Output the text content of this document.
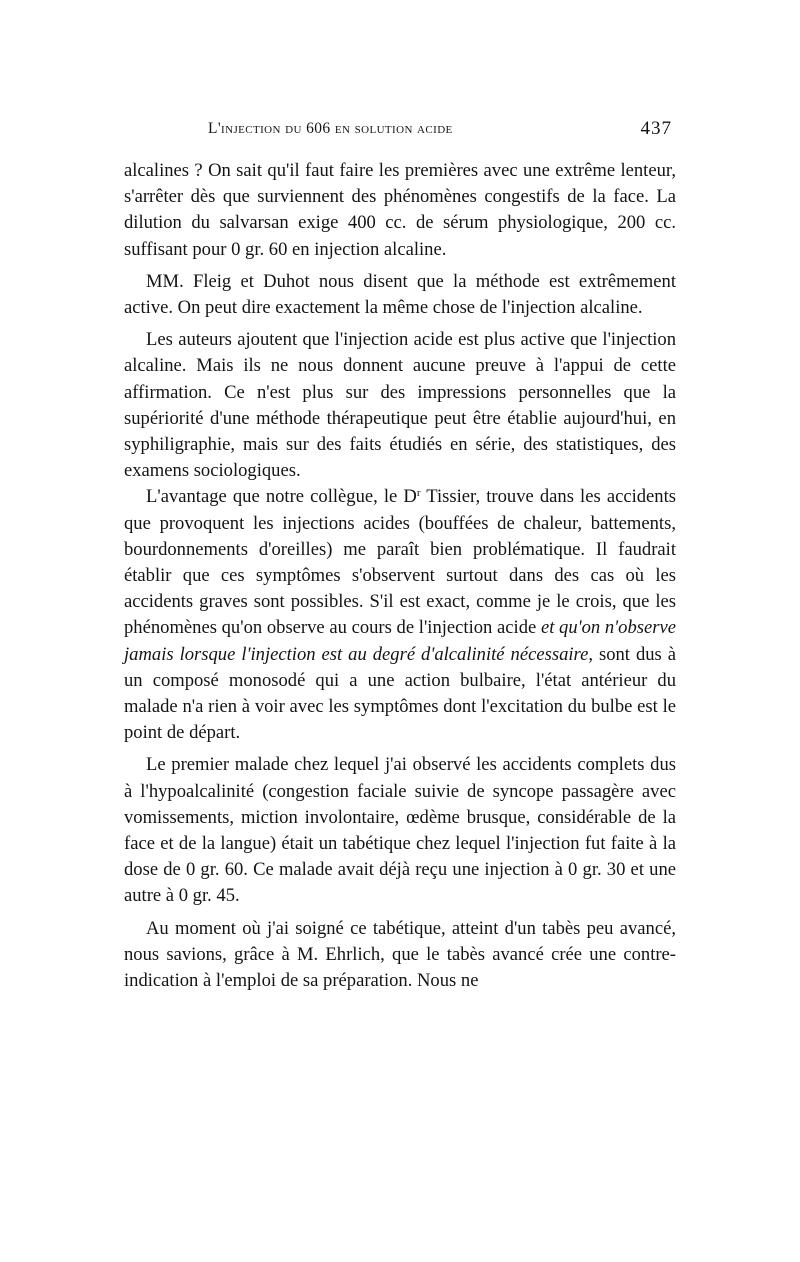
L'injection du 606 en solution acide	437

alcalines ? On sait qu'il faut faire les premières avec une extrême lenteur, s'arrêter dès que surviennent des phénomènes congestifs de la face. La dilution du salvarsan exige 400 cc. de sérum physiologique, 200 cc. suffisant pour 0 gr. 60 en injection alcaline.

MM. Fleig et Duhot nous disent que la méthode est extrêmement active. On peut dire exactement la même chose de l'injection alcaline.

Les auteurs ajoutent que l'injection acide est plus active que l'injection alcaline. Mais ils ne nous donnent aucune preuve à l'appui de cette affirmation. Ce n'est plus sur des impressions personnelles que la supériorité d'une méthode thérapeutique peut être établie aujourd'hui, en syphiligraphie, mais sur des faits étudiés en série, des statistiques, des examens sociologiques.

L'avantage que notre collègue, le $D^r$ Tissier, trouve dans les accidents que provoquent les injections acides (bouffées de chaleur, battements, bourdonnements d'oreilles) me paraît bien problématique. Il faudrait établir que ces symptômes s'observent surtout dans des cas où les accidents graves sont possibles. S'il est exact, comme je le crois, que les phénomènes qu'on observe au cours de l'injection acide et qu'on n'observe jamais lorsque l'injection est au degré d'alcalinité nécessaire, sont dus à un composé monosodé qui a une action bulbaire, l'état antérieur du malade n'a rien à voir avec les symptômes dont l'excitation du bulbe est le point de départ.

Le premier malade chez lequel j'ai observé les accidents complets dus à l'hypoalcalinité (congestion faciale suivie de syncope passagère avec vomissements, miction involontaire, œdème brusque, considérable de la face et de la langue) était un tabétique chez lequel l'injection fut faite à la dose de 0 gr. 60. Ce malade avait déjà reçu une injection à 0 gr. 30 et une autre à 0 gr. 45.

Au moment où j'ai soigné ce tabétique, atteint d'un tabès peu avancé, nous savions, grâce à M. Ehrlich, que le tabès avancé crée une contre-indication à l'emploi de sa préparation. Nous ne
